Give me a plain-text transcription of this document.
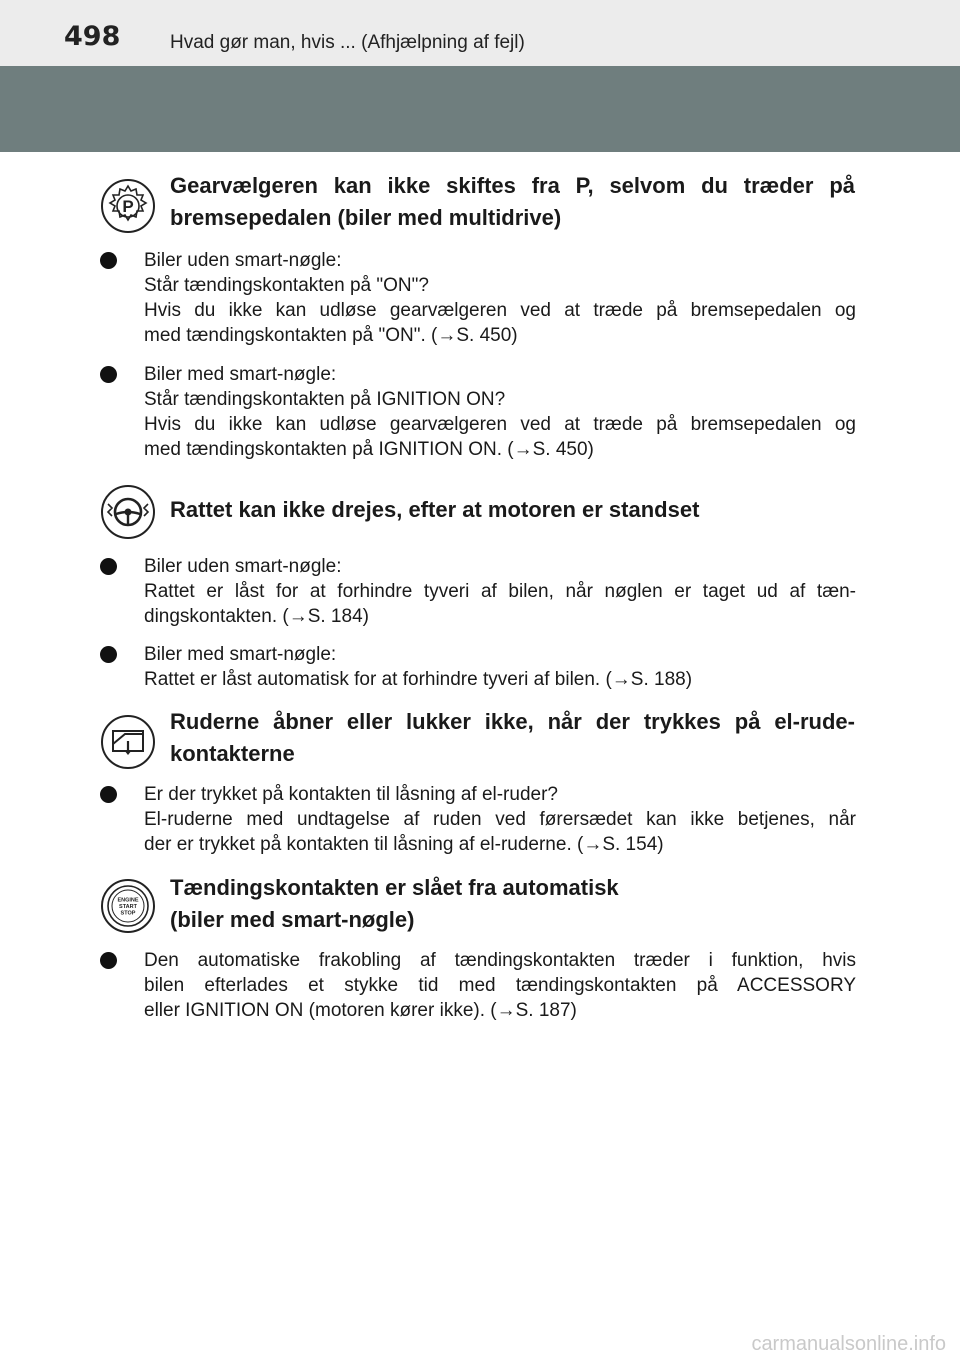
498	Hvad gør man, hvis ... (Afhjælpning af fejl)
P
Gearvælgeren kan ikke skiftes fra P, selvom du træder på
bremsepedalen (biler med multidrive)
Biler uden smart-nøgle:
Står tændingskontakten på "ON"?
Hvis du ikke kan udløse gearvælgeren ved at træde på bremsepedalen og
med tændingskontakten på "ON". (→S. 450)
Biler med smart-nøgle:
Står tændingskontakten på IGNITION ON?
Hvis du ikke kan udløse gearvælgeren ved at træde på bremsepedalen og
med tændingskontakten på IGNITION ON. (→S. 450)
Rattet kan ikke drejes, efter at motoren er standset
Biler uden smart-nøgle:
Rattet er låst for at forhindre tyveri af bilen, når nøglen er taget ud af tæn-
dingskontakten. (→S. 184)
Biler med smart-nøgle:
Rattet er låst automatisk for at forhindre tyveri af bilen. (→S. 188)
Ruderne åbner eller lukker ikke, når der trykkes på el-rude-
kontakterne
Er der trykket på kontakten til låsning af el-ruder?
El-ruderne med undtagelse af ruden ved førersædet kan ikke betjenes, når
der er trykket på kontakten til låsning af el-ruderne. (→S. 154)
ENGINE
START
STOP
Tændingskontakten er slået fra automatisk
(biler med smart-nøgle)
Den automatiske frakobling af tændingskontakten træder i funktion, hvis
bilen efterlades et stykke tid med tændingskontakten på ACCESSORY
eller IGNITION ON (motoren kører ikke). (→S. 187)
carmanualsonline.info
